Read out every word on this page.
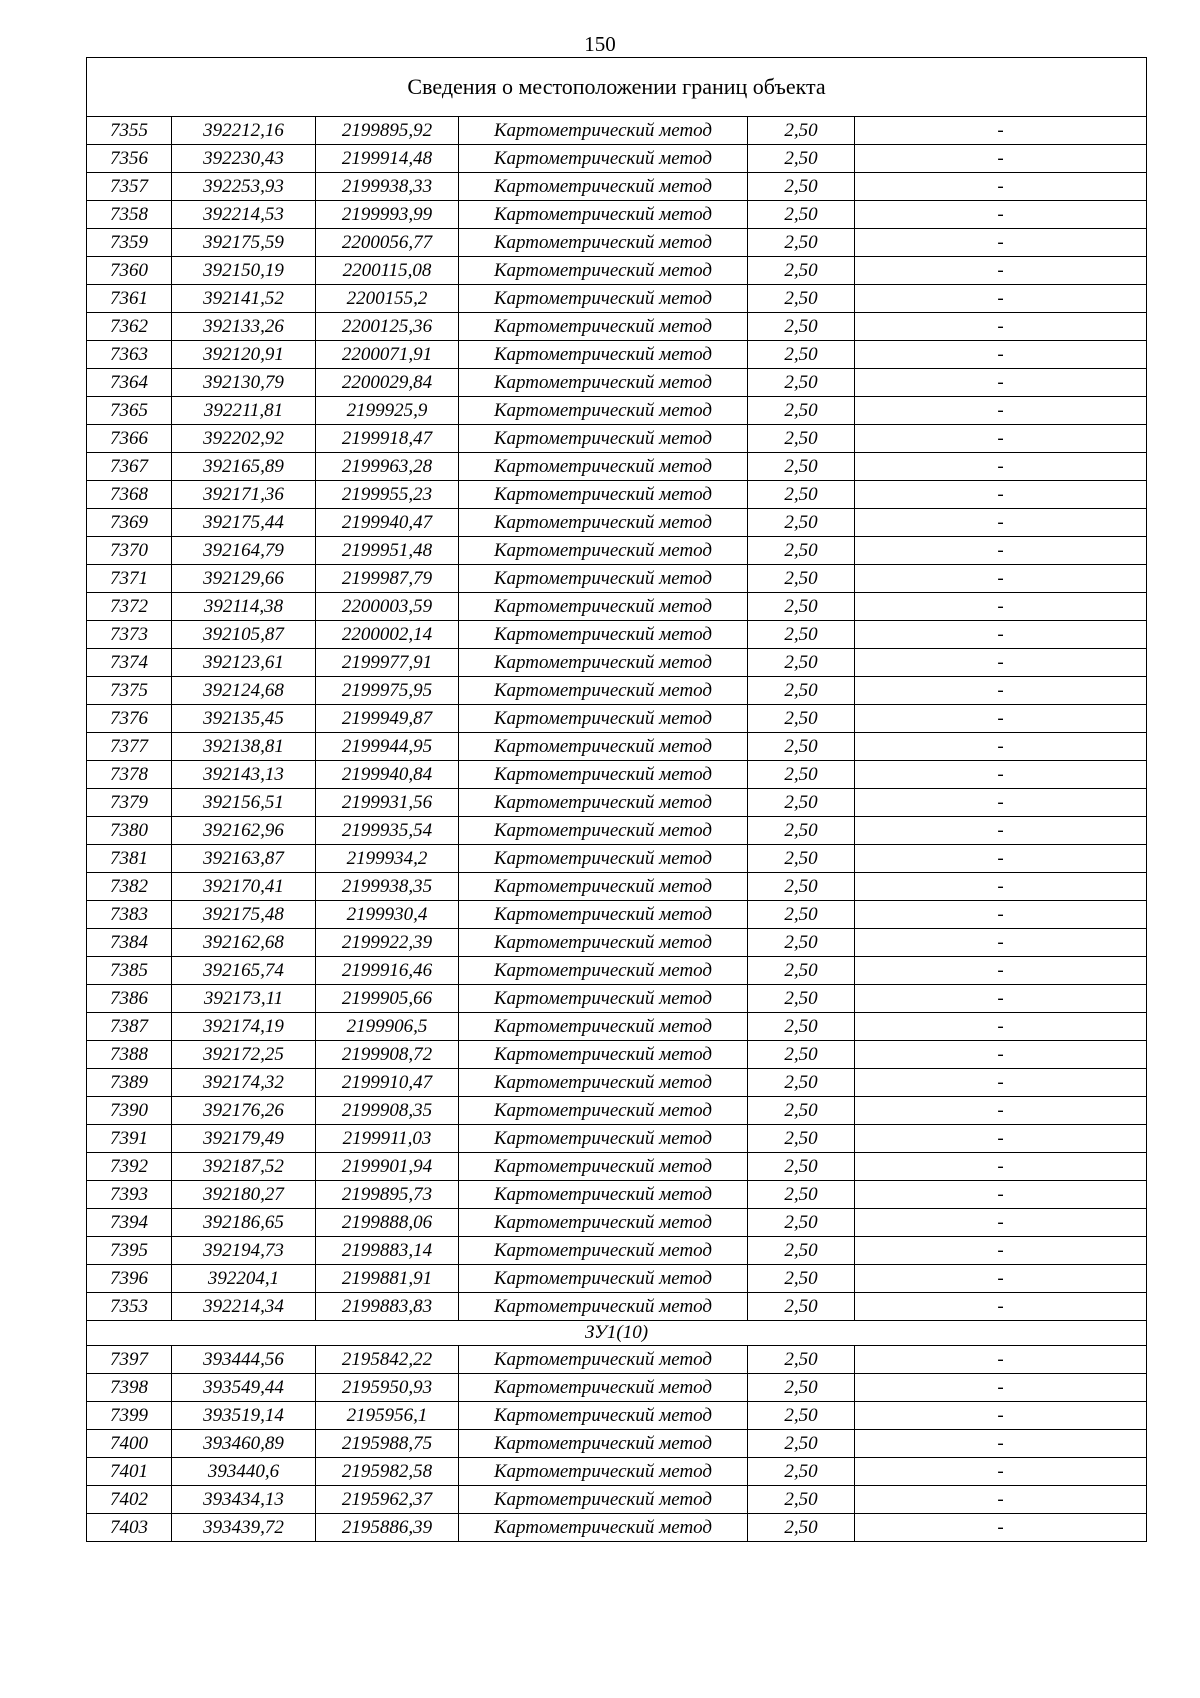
150
Сведения о местоположении границ объекта					
7355	392212,16	2199895,92	Картометрический метод	2,50	-
7356	392230,43	2199914,48	Картометрический метод	2,50	-
7357	392253,93	2199938,33	Картометрический метод	2,50	-
7358	392214,53	2199993,99	Картометрический метод	2,50	-
7359	392175,59	2200056,77	Картометрический метод	2,50	-
7360	392150,19	2200115,08	Картометрический метод	2,50	-
7361	392141,52	2200155,2	Картометрический метод	2,50	-
7362	392133,26	2200125,36	Картометрический метод	2,50	-
7363	392120,91	2200071,91	Картометрический метод	2,50	-
7364	392130,79	2200029,84	Картометрический метод	2,50	-
7365	392211,81	2199925,9	Картометрический метод	2,50	-
7366	392202,92	2199918,47	Картометрический метод	2,50	-
7367	392165,89	2199963,28	Картометрический метод	2,50	-
7368	392171,36	2199955,23	Картометрический метод	2,50	-
7369	392175,44	2199940,47	Картометрический метод	2,50	-
7370	392164,79	2199951,48	Картометрический метод	2,50	-
7371	392129,66	2199987,79	Картометрический метод	2,50	-
7372	392114,38	2200003,59	Картометрический метод	2,50	-
7373	392105,87	2200002,14	Картометрический метод	2,50	-
7374	392123,61	2199977,91	Картометрический метод	2,50	-
7375	392124,68	2199975,95	Картометрический метод	2,50	-
7376	392135,45	2199949,87	Картометрический метод	2,50	-
7377	392138,81	2199944,95	Картометрический метод	2,50	-
7378	392143,13	2199940,84	Картометрический метод	2,50	-
7379	392156,51	2199931,56	Картометрический метод	2,50	-
7380	392162,96	2199935,54	Картометрический метод	2,50	-
7381	392163,87	2199934,2	Картометрический метод	2,50	-
7382	392170,41	2199938,35	Картометрический метод	2,50	-
7383	392175,48	2199930,4	Картометрический метод	2,50	-
7384	392162,68	2199922,39	Картометрический метод	2,50	-
7385	392165,74	2199916,46	Картометрический метод	2,50	-
7386	392173,11	2199905,66	Картометрический метод	2,50	-
7387	392174,19	2199906,5	Картометрический метод	2,50	-
7388	392172,25	2199908,72	Картометрический метод	2,50	-
7389	392174,32	2199910,47	Картометрический метод	2,50	-
7390	392176,26	2199908,35	Картометрический метод	2,50	-
7391	392179,49	2199911,03	Картометрический метод	2,50	-
7392	392187,52	2199901,94	Картометрический метод	2,50	-
7393	392180,27	2199895,73	Картометрический метод	2,50	-
7394	392186,65	2199888,06	Картометрический метод	2,50	-
7395	392194,73	2199883,14	Картометрический метод	2,50	-
7396	392204,1	2199881,91	Картометрический метод	2,50	-
7353	392214,34	2199883,83	Картометрический метод	2,50	-
ЗУ1(10)					
7397	393444,56	2195842,22	Картометрический метод	2,50	-
7398	393549,44	2195950,93	Картометрический метод	2,50	-
7399	393519,14	2195956,1	Картометрический метод	2,50	-
7400	393460,89	2195988,75	Картометрический метод	2,50	-
7401	393440,6	2195982,58	Картометрический метод	2,50	-
7402	393434,13	2195962,37	Картометрический метод	2,50	-
7403	393439,72	2195886,39	Картометрический метод	2,50	-
